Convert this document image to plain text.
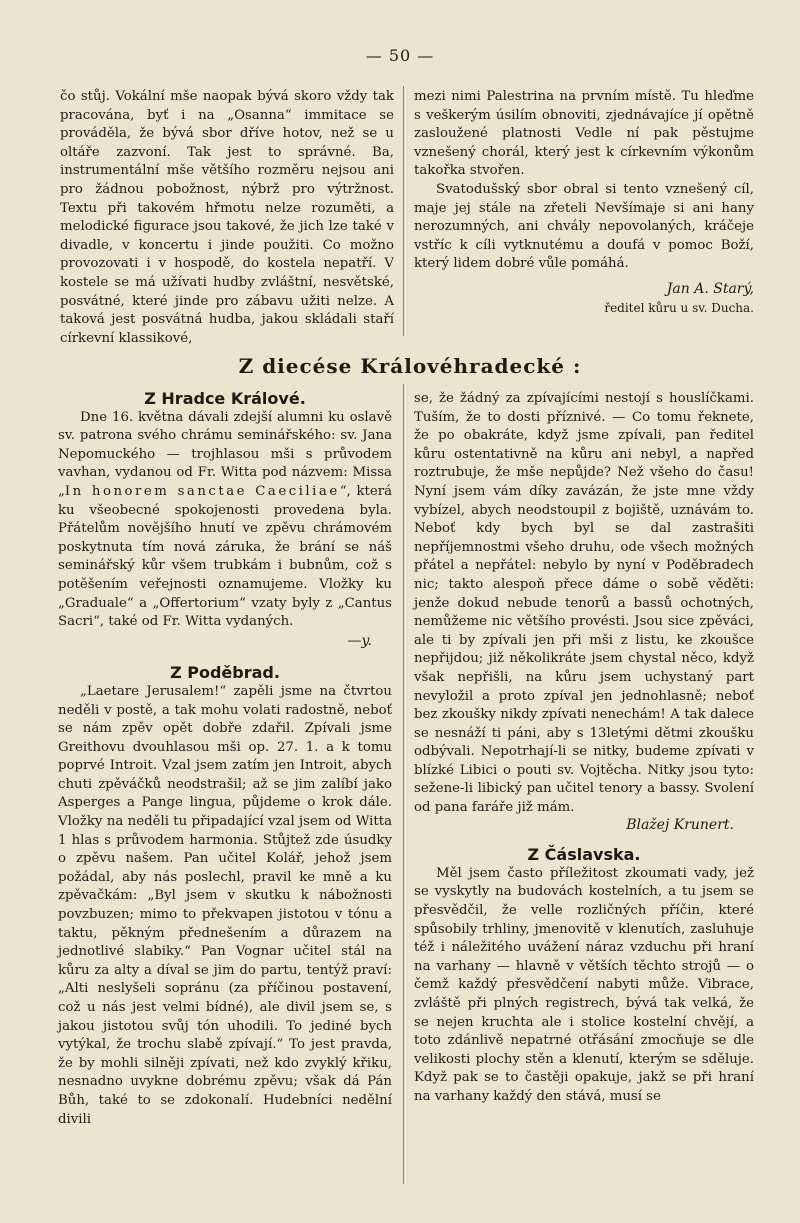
— 50 —

čo stůj. Vokální mše naopak bývá skoro vždy tak pracována, byť i na „Osanna“ immitace se prováděla, že bývá sbor dříve hotov, než se u oltáře zazvoní. Tak jest to správné. Ba, instrumentální mše většího rozměru nejsou ani pro žádnou pobožnost, nýbrž pro výtržnost. Textu při takovém hřmotu nelze rozuměti, a melodické figurace jsou takové, že jich lze také v divadle, v koncertu i jinde použiti. Co možno provozovati i v hospodě, do kostela nepatří. V kostele se má užívati hudby zvláštní, nesvětské, posvátné, které jinde pro zábavu užiti nelze. A taková jest posvátná hudba, jakou skládali staří církevní klassikové,

mezi nimi Palestrina na prvním místě. Tu hleďme s veškerým úsilím obnoviti, zjednávajíce jí opětně zasloužené platnosti Vedle ní pak pěstujme vznešený chorál, který jest k církevním výkonům takořka stvořen.

Svatodušský sbor obral si tento vznešený cíl, maje jej stále na zřeteli Nevšímaje si ani hany nerozumných, ani chvály nepovolaných, kráčeje vstříc k cíli vytknutému a doufá v pomoc Boží, který lidem dobré vůle pomáhá.

Jan A. Starý,

ředitel kůru u sv. Ducha.

Z diecése Královéhradecké :

Z Hradce Králové.

Dne 16. května dávali zdejší alumni ku oslavě sv. patrona svého chrámu seminářského: sv. Jana Nepomuckého — trojhlasou mši s průvodem vavhan, vydanou od Fr. Witta pod názvem: Missa „In honorem sanctae Caeciliae“, která ku všeobecné spokojenosti provedena byla. Přátelům novějšího hnutí ve zpěvu chrámovém poskytnuta tím nová záruka, že brání se náš seminářský kůr všem trubkám i bubnům, což s potěšením veřejnosti oznamujeme. Vložky ku „Graduale“ a „Offertorium“ vzaty byly z „Cantus Sacri“, také od Fr. Witta vydaných.

—y.

Z Poděbrad.

„Laetare Jerusalem!“ zapěli jsme na čtvrtou neděli v postě, a tak mohu volati radostně, neboť se nám zpěv opět dobře zdařil. Zpívali jsme Greithovu dvouhlasou mši op. 27. 1. a k tomu poprvé Introit. Vzal jsem zatím jen Introit, abych chuti zpěváčků neodstrašil; až se jim zalíbí jako Asperges a Pange lingua, půjdeme o krok dále. Vložky na neděli tu připadající vzal jsem od Witta 1 hlas s průvodem harmonia. Stůjtež zde úsudky o zpěvu našem. Pan učitel Kolář, jehož jsem požádal, aby nás poslechl, pravil ke mně a ku zpěvačkám: „Byl jsem v skutku k nábožnosti povzbuzen; mimo to překvapen jistotou v tónu a taktu, pěkným přednešením a důrazem na jednotlivé slabiky.“ Pan Vognar učitel stál na kůru za alty a díval se jim do partu, tentýž praví: „Alti neslyšeli sopránu (za příčinou postavení, což u nás jest velmi bídné), ale divil jsem se, s jakou jistotou svůj tón uhodili. To jediné bych vytýkal, že trochu slabě zpívají.“ To jest pravda, že by mohli silněji zpívati, než kdo zvyklý křiku, nesnadno uvykne dobrému zpěvu; však dá Pán Bůh, také to se zdokonalí. Hudebníci nedělní divili

se, že žádný za zpívajícími nestojí s houslíčkami. Tuším, že to dosti příznivé. — Co tomu řeknete, že po obakráte, když jsme zpívali, pan ředitel kůru ostentativně na kůru ani nebyl, a napřed roztrubuje, že mše nepůjde? Než všeho do času! Nyní jsem vám díky zavázán, že jste mne vždy vybízel, abych neodstoupil z bojiště, uznávám to. Neboť kdy bych byl se dal zastrašiti nepříjemnostmi všeho druhu, ode všech možných přátel a nepřátel: nebylo by nyní v Poděbradech nic; takto alespoň přece dáme o sobě věděti: jenže dokud nebude tenorů a bassů ochotných, nemůžeme nic většího provésti. Jsou sice zpěváci, ale ti by zpívali jen při mši z listu, ke zkoušce nepřijdou; již několikráte jsem chystal něco, když však nepřišli, na kůru jsem uchystaný part nevyložil a proto zpíval jen jednohlasně; neboť bez zkoušky nikdy zpívati nenechám! A tak dalece se nesnáží ti páni, aby s 13letými dětmi zkoušku odbývali. Nepotrhají-li se nitky, budeme zpívati v blízké Libici o pouti sv. Vojtěcha. Nitky jsou tyto: sežene-li libický pan učitel tenory a bassy. Svolení od pana faráře již mám.

Blažej Krunert.

Z Čáslavska.

Měl jsem často příležitost zkoumati vady, jež se vyskytly na budovách kostelních, a tu jsem se přesvědčil, že velle rozličných příčin, které spůsobily trhliny, jmenovitě v klenutích, zasluhuje též i náležitého uvážení náraz vzduchu při hraní na varhany — hlavně v větších těchto strojů — o čemž každý přesvědčení nabyti může. Vibrace, zvláště při plných registrech, bývá tak velká, že se nejen kruchta ale i stolice kostelní chvějí, a toto zdánlivě nepatrné otřásání zmocňuje se dle velikosti plochy stěn a klenutí, kterým se sděluje. Když pak se to častěji opakuje, jakž se při hraní na varhany každý den stává, musí se
